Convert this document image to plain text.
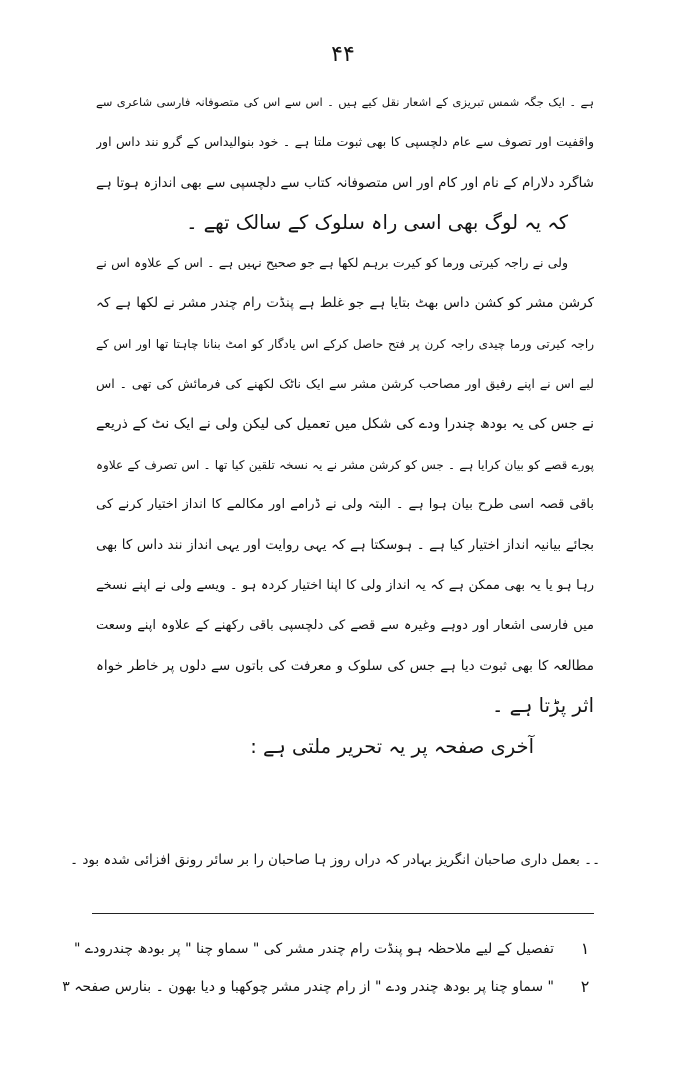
۴۴
ہے ۔ ایک جگہ شمس تبریزی کے اشعار نقل کیے ہیں ۔ اس سے اس کی متصوفانہ فارسی شاعری سے
واقفیت اور تصوف سے عام دلچسپی کا بھی ثبوت ملتا ہے ۔ خود بنوالیداس کے گرو نند داس اور
شاگرد دلارام کے نام اور کام اور اس متصوفانہ کتاب سے دلچسپی سے بھی اندازہ ہوتا ہے
کہ یہ لوگ بھی اسی راہ سلوک کے سالک تھے ۔
ولی نے راجہ کیرتی ورما کو کیرت برہم لکھا ہے جو صحیح نہیں ہے ۔ اس کے علاوہ اس نے
کرشن مشر کو کشن داس بھٹ بتایا ہے جو غلط ہے پنڈت رام چندر مشر نے لکھا ہے کہ
راجہ کیرتی ورما چیدی راجہ کرن پر فتح حاصل کرکے اس یادگار کو امٹ بنانا چاہتا تھا اور اس کے
لیے اس نے اپنے رفیق اور مصاحب کرشن مشر سے ایک ناٹک لکھنے کی فرمائش کی تھی ۔ اس
نے جس کی یہ بودھ چندرا ودے کی شکل میں تعمیل کی لیکن ولی نے ایک نٹ کے ذریعے
پورے قصے کو بیان کرایا ہے ۔ جس کو کرشن مشر نے یہ نسخہ تلقین کیا تھا ۔ اس تصرف کے علاوہ
باقی قصہ اسی طرح بیان ہوا ہے ۔ البتہ ولی نے ڈرامے اور مکالمے کا انداز اختیار کرنے کی
بجائے بیانیہ انداز اختیار کیا ہے ۔ ہوسکتا ہے کہ یہی روایت اور یہی انداز نند داس کا بھی
رہا ہو یا یہ بھی ممکن ہے کہ یہ انداز ولی کا اپنا اختیار کردہ ہو ۔ ویسے ولی نے اپنے نسخے
میں فارسی اشعار اور دوہے وغیرہ سے قصے کی دلچسپی باقی رکھنے کے علاوہ اپنے وسعت
مطالعہ کا بھی ثبوت دیا ہے جس کی سلوک و معرفت کی باتوں سے دلوں پر خاطر خواہ
اثر پڑتا ہے ۔
آخری صفحہ پر یہ تحریر ملتی ہے :
۔۔ بعمل داری صاحبان انگریز بہادر کہ دراں روز ہا صاحبان را بر سائر رونق افزائی شدہ بود ۔
۱
تفصیل کے لیے ملاحظہ ہو پنڈت رام چندر مشر کی " سماو چنا " پر بودھ چندرودے "
۲
" سماو چنا پر بودھ چندر ودے " از رام چندر مشر چوکھبا و دیا بھون ۔ بنارس صفحہ ۳
